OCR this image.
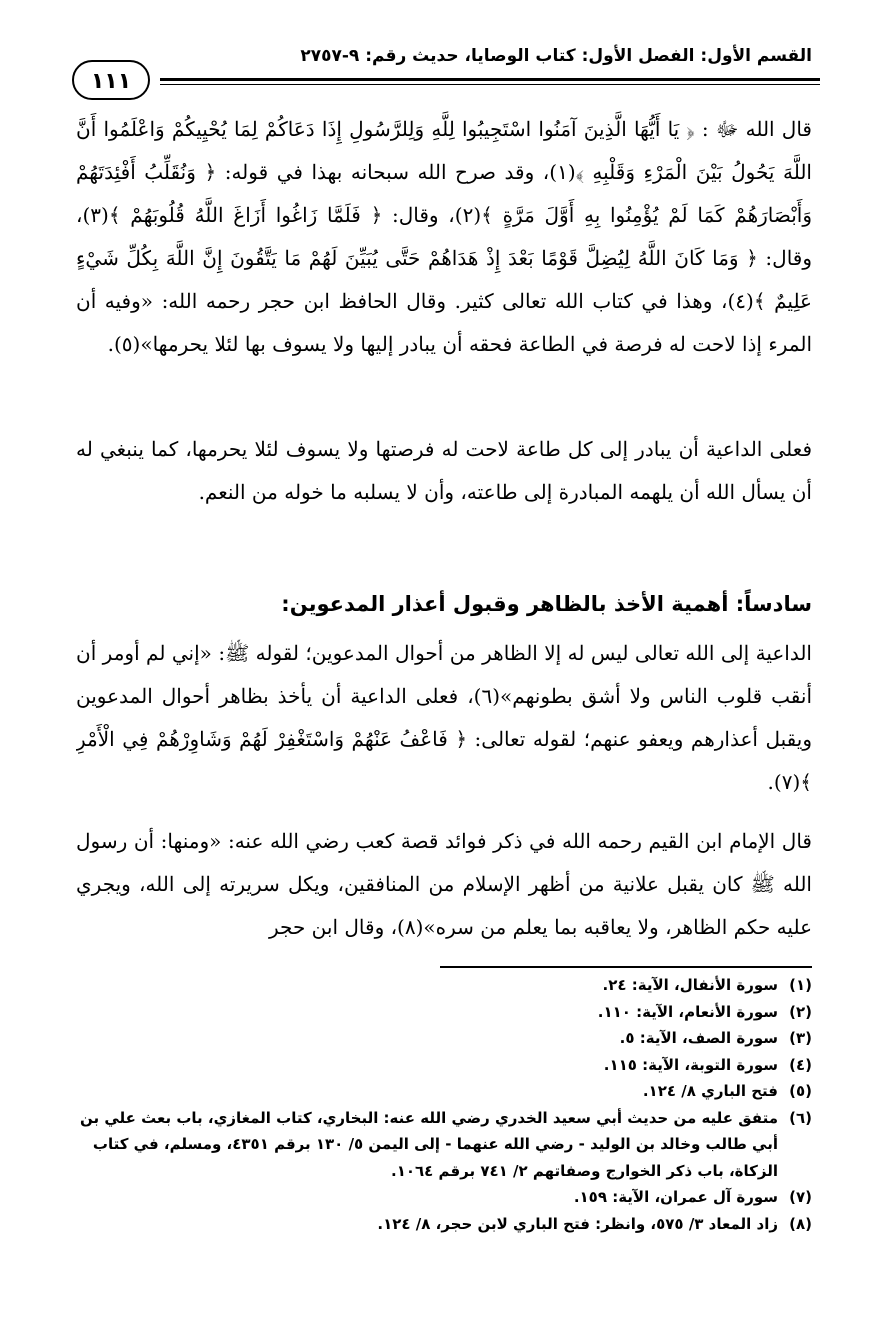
القسم الأول: الفصل الأول: كتاب الوصايا، حديث رقم: ٩-٢٧٥٧
١١١
قال الله ﷻ : ﴿ يَا أَيُّهَا الَّذِينَ آمَنُوا اسْتَجِيبُوا لِلَّهِ وَلِلرَّسُولِ إِذَا دَعَاكُمْ لِمَا يُحْيِيكُمْ وَاعْلَمُوا أَنَّ اللَّهَ يَحُولُ بَيْنَ الْمَرْءِ وَقَلْبِهِ ﴾(١)، وقد صرح الله سبحانه بهذا في قوله: ﴿ وَنُقَلِّبُ أَفْئِدَتَهُمْ وَأَبْصَارَهُمْ كَمَا لَمْ يُؤْمِنُوا بِهِ أَوَّلَ مَرَّةٍ ﴾(٢)، وقال: ﴿ فَلَمَّا زَاغُوا أَزَاغَ اللَّهُ قُلُوبَهُمْ ﴾(٣)، وقال: ﴿ وَمَا كَانَ اللَّهُ لِيُضِلَّ قَوْمًا بَعْدَ إِذْ هَدَاهُمْ حَتَّى يُبَيِّنَ لَهُمْ مَا يَتَّقُونَ إِنَّ اللَّهَ بِكُلِّ شَيْءٍ عَلِيمٌ ﴾(٤)، وهذا في كتاب الله تعالى كثير. وقال الحافظ ابن حجر رحمه الله: «وفيه أن المرء إذا لاحت له فرصة في الطاعة فحقه أن يبادر إليها ولا يسوف بها لئلا يحرمها»(٥).
فعلى الداعية أن يبادر إلى كل طاعة لاحت له فرصتها ولا يسوف لئلا يحرمها، كما ينبغي له أن يسأل الله أن يلهمه المبادرة إلى طاعته، وأن لا يسلبه ما خوله من النعم.
سادساً: أهمية الأخذ بالظاهر وقبول أعذار المدعوين:
الداعية إلى الله تعالى ليس له إلا الظاهر من أحوال المدعوين؛ لقوله ﷺ: «إني لم أومر أن أنقب قلوب الناس ولا أشق بطونهم»(٦)، فعلى الداعية أن يأخذ بظاهر أحوال المدعوين ويقبل أعذارهم ويعفو عنهم؛ لقوله تعالى: ﴿ فَاعْفُ عَنْهُمْ وَاسْتَغْفِرْ لَهُمْ وَشَاوِرْهُمْ فِي الْأَمْرِ ﴾(٧).
قال الإمام ابن القيم رحمه الله في ذكر فوائد قصة كعب رضي الله عنه: «ومنها: أن رسول الله ﷺ كان يقبل علانية من أظهر الإسلام من المنافقين، ويكل سريرته إلى الله، ويجري عليه حكم الظاهر، ولا يعاقبه بما يعلم من سره»(٨)، وقال ابن حجر
(١)
سورة الأنفال، الآية: ٢٤.
(٢)
سورة الأنعام، الآية: ١١٠.
(٣)
سورة الصف، الآية: ٥.
(٤)
سورة التوبة، الآية: ١١٥.
(٥)
فتح الباري ٨/ ١٢٤.
(٦)
متفق عليه من حديث أبي سعيد الخدري رضي الله عنه: البخاري، كتاب المغازي، باب بعث علي بن أبي طالب وخالد بن الوليد - رضي الله عنهما - إلى اليمن ٥/ ١٣٠ برقم ٤٣٥١، ومسلم، في كتاب الزكاة، باب ذكر الخوارج وصفاتهم ٢/ ٧٤١ برقم ١٠٦٤.
(٧)
سورة آل عمران، الآية: ١٥٩.
(٨)
زاد المعاد ٣/ ٥٧٥، وانظر: فتح الباري لابن حجر، ٨/ ١٢٤.
